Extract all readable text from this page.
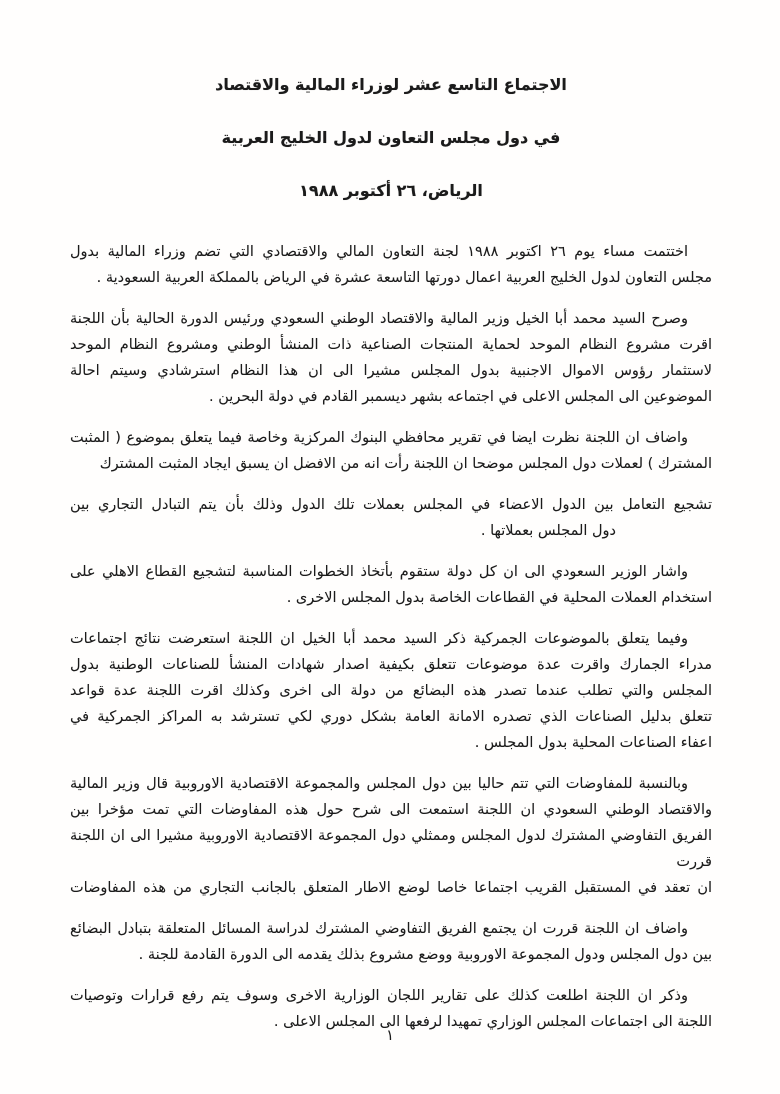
الاجتماع التاسع عشر لوزراء المالية والاقتصاد
في دول مجلس التعاون لدول الخليج العربية
الرياض، ٢٦ أكتوبر ١٩٨٨
اختتمت مساء يوم ٢٦ اكتوبر ١٩٨٨ لجنة التعاون المالي والاقتصادي التي تضم وزراء المالية بدول
مجلس التعاون لدول الخليج العربية اعمال دورتها التاسعة عشرة في الرياض بالمملكة العربية السعودية .
وصرح السيد محمد أبا الخيل وزير المالية والاقتصاد الوطني السعودي ورئيس الدورة الحالية بأن اللجنة
اقرت مشروع النظام الموحد لحماية المنتجات الصناعية ذات المنشأ الوطني ومشروع النظام الموحد
لاستثمار رؤوس الاموال الاجنبية بدول المجلس مشيرا الى ان هذا النظام استرشادي وسيتم احالة
الموضوعين الى المجلس الاعلى في اجتماعه بشهر ديسمبر القادم في دولة البحرين .
واضاف ان اللجنة نظرت ايضا في تقرير محافظي البنوك المركزية وخاصة فيما يتعلق بموضوع ( المثبت
المشترك ) لعملات دول المجلس موضحا ان اللجنة رأت انه من الافضل ان يسبق ايجاد المثبت المشترك
تشجيع التعامل بين الدول الاعضاء في المجلس بعملات تلك الدول وذلك بأن يتم التبادل التجاري بين
دول المجلس بعملاتها .
واشار الوزير السعودي الى ان كل دولة ستقوم بأتخاذ الخطوات المناسبة لتشجيع القطاع الاهلي على
استخدام العملات المحلية في القطاعات الخاصة بدول المجلس الاخرى .
وفيما يتعلق بالموضوعات الجمركية ذكر السيد محمد أبا الخيل ان اللجنة استعرضت نتائج اجتماعات
مدراء الجمارك واقرت عدة موضوعات تتعلق بكيفية اصدار شهادات المنشأ للصناعات الوطنية بدول
المجلس والتي تطلب عندما تصدر هذه البضائع من دولة الى اخرى وكذلك اقرت اللجنة عدة قواعد
تتعلق بدليل الصناعات الذي تصدره الامانة العامة بشكل دوري لكي تسترشد به المراكز الجمركية في
اعفاء الصناعات المحلية بدول المجلس .
وبالنسبة للمفاوضات التي تتم حاليا بين دول المجلس والمجموعة الاقتصادية الاوروبية قال وزير المالية
والاقتصاد الوطني السعودي ان اللجنة استمعت الى شرح حول هذه المفاوضات التي تمت مؤخرا بين
الفريق التفاوضي المشترك لدول المجلس وممثلي دول المجموعة الاقتصادية الاوروبية مشيرا الى ان اللجنة قررت
ان تعقد في المستقبل القريب اجتماعا خاصا لوضع الاطار المتعلق بالجانب التجاري من هذه المفاوضات
واضاف ان اللجنة قررت ان يجتمع الفريق التفاوضي المشترك لدراسة المسائل المتعلقة بتبادل البضائع
بين دول المجلس ودول المجموعة الاوروبية ووضع مشروع بذلك يقدمه الى الدورة القادمة للجنة .
وذكر ان اللجنة اطلعت كذلك على تقارير اللجان الوزارية الاخرى وسوف يتم رفع قرارات وتوصيات
اللجنة الى اجتماعات المجلس الوزاري تمهيدا لرفعها الى المجلس الاعلى .
١
